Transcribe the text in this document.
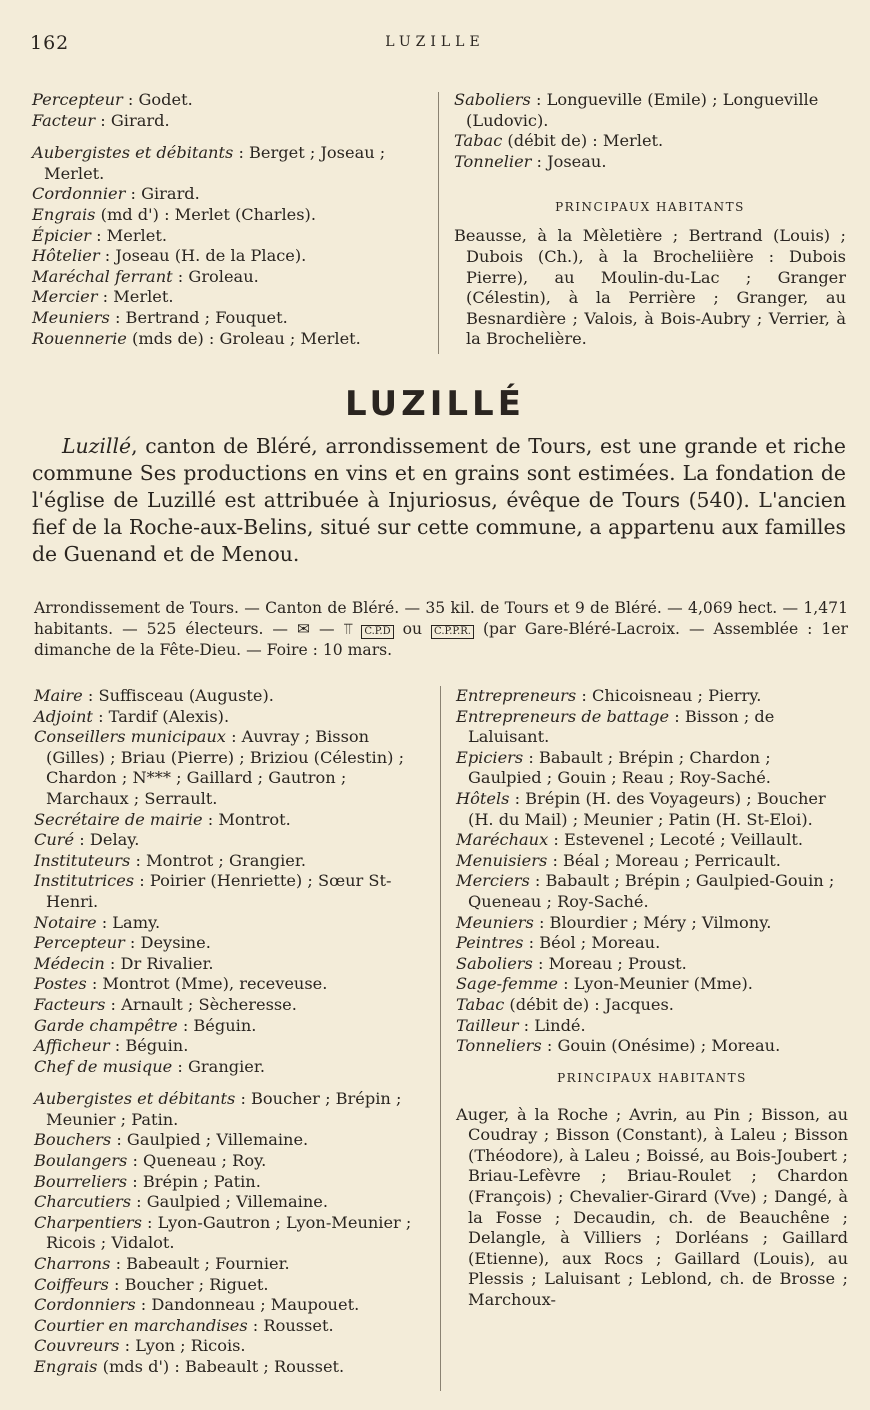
162	LUZILLE
Percepteur : Godet.
Facteur : Girard.
Aubergistes et débitants : Berget ; Joseau ; Merlet.
Cordonnier : Girard.
Engrais (md d') : Merlet (Charles).
Épicier : Merlet.
Hôtelier : Joseau (H. de la Place).
Maréchal ferrant : Groleau.
Mercier : Merlet.
Meuniers : Bertrand ; Fouquet.
Rouennerie (mds de) : Groleau ; Merlet.
Saboliers : Longueville (Emile) ; Longueville (Ludovic).
Tabac (débit de) : Merlet.
Tonnelier : Joseau.
PRINCIPAUX HABITANTS
Beausse, à la Mèletière ; Bertrand (Louis) ; Dubois (Ch.), à la Brocheliière : Dubois Pierre), au Moulin-du-Lac ; Granger (Célestin), à la Perrière ; Granger, au Besnardière ; Valois, à Bois-Aubry ; Verrier, à la Brochelière.
LUZILLÉ
Luzillé, canton de Bléré, arrondissement de Tours, est une grande et riche commune Ses productions en vins et en grains sont estimées. La fondation de l'église de Luzillé est attribuée à Injuriosus, évêque de Tours (540). L'ancien fief de la Roche-aux-Belins, situé sur cette commune, a appartenu aux familles de Guenand et de Menou.
Arrondissement de Tours. — Canton de Bléré. — 35 kil. de Tours et 9 de Bléré. — 4,069 hect. — 1,471 habitants. — 525 électeurs. — ✉ — ⫪ C.P.D ou C.P.P.R. (par Gare-Bléré-Lacroix. — Assemblée : 1er dimanche de la Fête-Dieu. — Foire : 10 mars.
Maire : Suffisceau (Auguste).
Adjoint : Tardif (Alexis).
Conseillers municipaux : Auvray ; Bisson (Gilles) ; Briau (Pierre) ; Briziou (Célestin) ; Chardon ; N*** ; Gaillard ; Gautron ; Marchaux ; Serrault.
Secrétaire de mairie : Montrot.
Curé : Delay.
Instituteurs : Montrot ; Grangier.
Institutrices : Poirier (Henriette) ; Sœur St-Henri.
Notaire : Lamy.
Percepteur : Deysine.
Médecin : Dr Rivalier.
Postes : Montrot (Mme), receveuse.
Facteurs : Arnault ; Sècheresse.
Garde champêtre : Béguin.
Afficheur : Béguin.
Chef de musique : Grangier.
Aubergistes et débitants : Boucher ; Brépin ; Meunier ; Patin.
Bouchers : Gaulpied ; Villemaine.
Boulangers : Queneau ; Roy.
Bourreliers : Brépin ; Patin.
Charcutiers : Gaulpied ; Villemaine.
Charpentiers : Lyon-Gautron ; Lyon-Meunier ; Ricois ; Vidalot.
Charrons : Babeault ; Fournier.
Coiffeurs : Boucher ; Riguet.
Cordonniers : Dandonneau ; Maupouet.
Courtier en marchandises : Rousset.
Couvreurs : Lyon ; Ricois.
Engrais (mds d') : Babeault ; Rousset.
Entrepreneurs : Chicoisneau ; Pierry.
Entrepreneurs de battage : Bisson ; de Laluisant.
Epiciers : Babault ; Brépin ; Chardon ; Gaulpied ; Gouin ; Reau ; Roy-Saché.
Hôtels : Brépin (H. des Voyageurs) ; Boucher (H. du Mail) ; Meunier ; Patin (H. St-Eloi).
Maréchaux : Estevenel ; Lecoté ; Veillault.
Menuisiers : Béal ; Moreau ; Perricault.
Merciers : Babault ; Brépin ; Gaulpied-Gouin ; Queneau ; Roy-Saché.
Meuniers : Blourdier ; Méry ; Vilmony.
Peintres : Béol ; Moreau.
Saboliers : Moreau ; Proust.
Sage-femme : Lyon-Meunier (Mme).
Tabac (débit de) : Jacques.
Tailleur : Lindé.
Tonneliers : Gouin (Onésime) ; Moreau.
PRINCIPAUX HABITANTS
Auger, à la Roche ; Avrin, au Pin ; Bisson, au Coudray ; Bisson (Constant), à Laleu ; Bisson (Théodore), à Laleu ; Boissé, au Bois-Joubert ; Briau-Lefèvre ; Briau-Roulet ; Chardon (François) ; Chevalier-Girard (Vve) ; Dangé, à la Fosse ; Decaudin, ch. de Beauchêne ; Delangle, à Villiers ; Dorléans ; Gaillard (Etienne), aux Rocs ; Gaillard (Louis), au Plessis ; Laluisant ; Leblond, ch. de Brosse ; Marchoux-
